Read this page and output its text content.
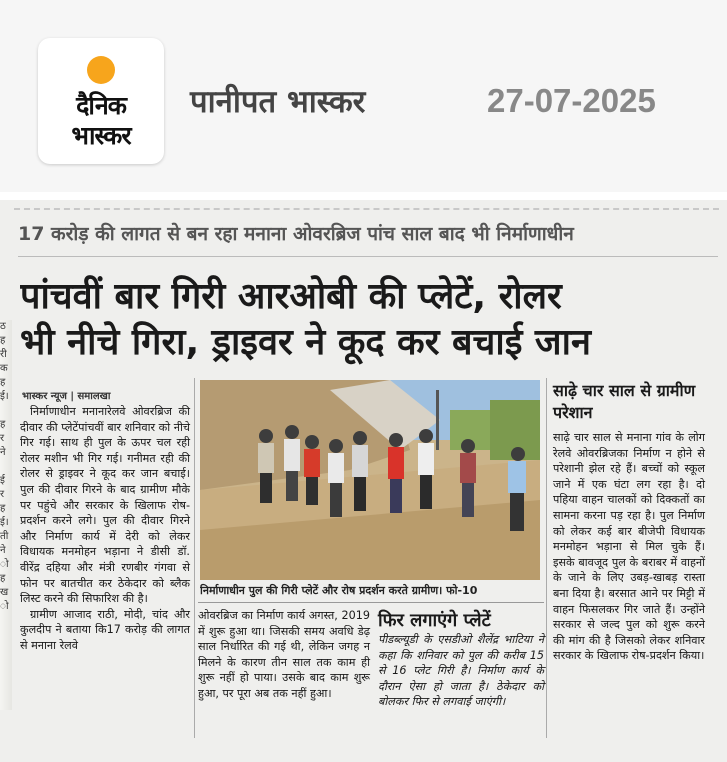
दैनिक
भास्कर
पानीपत भास्कर	27-07-2025
ठ
ह
री
क
ह
ई।

ह
र
ने

ई
र
ह
ई।
ती
ने
ो
ह
ख
ो
17 करोड़ की लागत से बन रहा मनाना ओवरब्रिज पांच साल बाद भी निर्माणाधीन
पांचवीं बार गिरी आरओबी की प्लेटें, रोलर
भी नीचे गिरा, ड्राइवर ने कूद कर बचाई जान
भास्कर न्यूज | समालखा

निर्माणाधीन मनानारेलवे ओवरब्रिज की दीवार की प्लेटेंपांचवीं बार शनिवार को नीचे गिर गई। साथ ही पुल के ऊपर चल रही रोलर मशीन भी गिर गई। गनीमत रही की रोलर से ड्राइवर ने कूद कर जान बचाई। पुल की दीवार गिरने के बाद ग्रामीण मौके पर पहुंचे और सरकार के खिलाफ रोष-प्रदर्शन करने लगे। पुल की दीवार गिरने और निर्माण कार्य में देरी को लेकर विधायक मनमोहन भड़ाना ने डीसी डॉ. वीरेंद्र दहिया और मंत्री रणबीर गंगवा से फोन पर बातचीत कर ठेकेदार को ब्लैक लिस्ट करने की सिफारिश की है।

ग्रामीण आजाद राठी, मोदी, चांद और कुलदीप ने बताया कि17 करोड़ की लागत से मनाना रेलवे

निर्माणाधीन पुल की गिरी प्लेटें और रोष प्रदर्शन करते ग्रामीण। फो-10

ओवरब्रिज का निर्माण कार्य अगस्त, 2019 में शुरू हुआ था। जिसकी समय अवधि डेढ़ साल निर्धारित की गई थी, लेकिन जगह न मिलने के कारण तीन साल तक काम ही शुरू नहीं हो पाया। उसके बाद काम शुरू हुआ, पर पूरा अब तक नहीं हुआ।

फिर लगाएंगे प्लेटें

पीडब्ल्यूडी के एसडीओ शैलेंद्र भाटिया ने कहा कि शनिवार को पुल की करीब 15 से 16 प्लेट गिरी है। निर्माण कार्य के दौरान ऐसा हो जाता है। ठेकेदार को बोलकर फिर से लगवाई जाएंगी।

साढ़े चार साल से ग्रामीण परेशान

साढ़े चार साल से मनाना गांव के लोग रेलवे ओवरब्रिजका निर्माण न होने से परेशानी झेल रहे हैं। बच्चों को स्कूल जाने में एक घंटा लग रहा है। दो पहिया वाहन चालकों को दिक्कतों का सामना करना पड़ रहा है। पुल निर्माण को लेकर कई बार बीजेपी विधायक मनमोहन भड़ाना से मिल चुके हैं। इसके बावजूद पुल के बराबर में वाहनों के जाने के लिए उबड़-खाबड़ रास्ता बना दिया है। बरसात आने पर मिट्टी में वाहन फिसलकर गिर जाते हैं। उन्होंने सरकार से जल्द पुल को शुरू करने की मांग की है जिसको लेकर शनिवार सरकार के खिलाफ रोष-प्रदर्शन किया।
